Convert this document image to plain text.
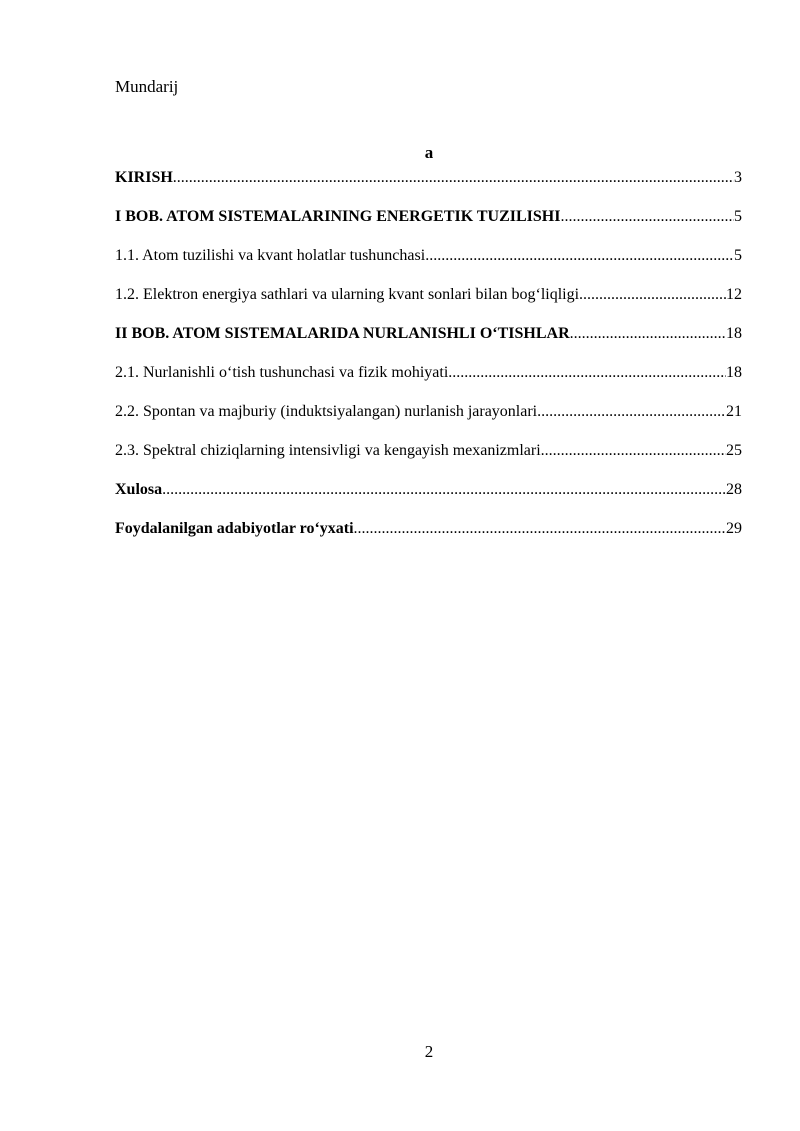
Mundarij
a
KIRISH .....	3
I BOB. ATOM SISTEMALARINING ENERGETIK TUZILISHI .....	5
1.1. Atom tuzilishi va kvant holatlar tushunchasi .....	5
1.2. Elektron energiya sathlari va ularning kvant sonlari bilan bog‘liqligi .....	12
II BOB. ATOM SISTEMALARIDA NURLANISHLI O‘TISHLAR .....	18
2.1. Nurlanishli o‘tish tushunchasi va fizik mohiyati .....	18
2.2. Spontan va majburiy (induktsiyalangan) nurlanish jarayonlari .....	21
2.3. Spektral chiziqlarning intensivligi va kengayish mexanizmlari .....	25
Xulosa .....	28
Foydalanilgan adabiyotlar ro‘yxati .....	29
2
